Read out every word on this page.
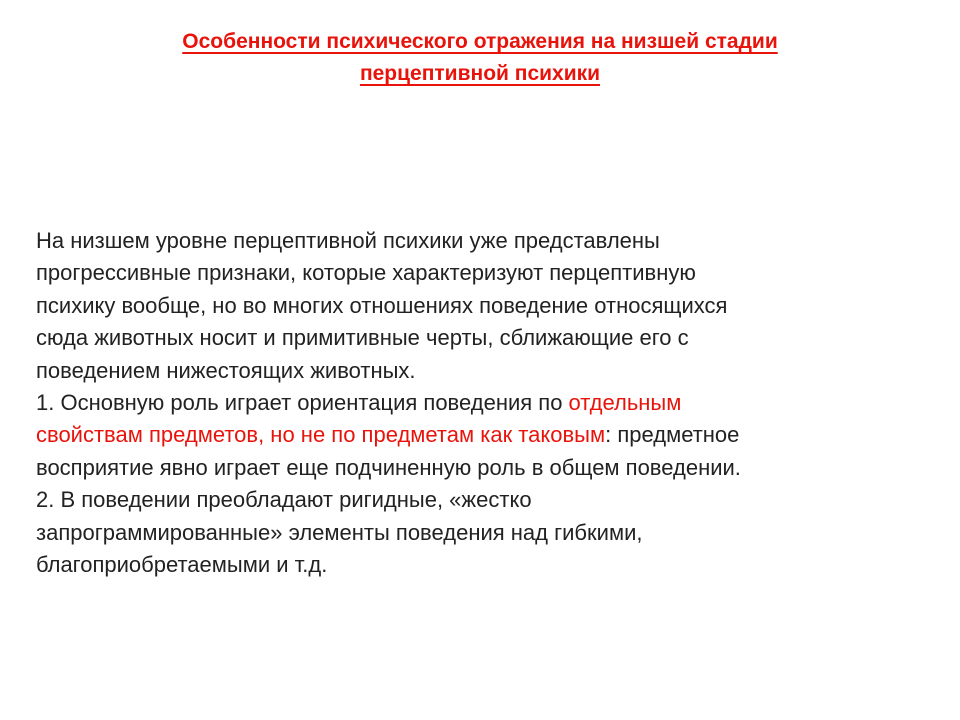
Особенности психического отражения на низшей стадии
перцептивной психики
На низшем уровне перцептивной психики уже представлены
прогрессивные признаки, которые характеризуют перцептивную
психику вообще, но во многих отношениях поведение относящихся
сюда животных носит и примитивные черты, сближающие его с
поведением нижестоящих животных.
1. Основную роль играет ориентация поведения по отдельным
свойствам предметов, но не по предметам как таковым: предметное
восприятие явно играет еще подчиненную роль в общем поведении.
2. В поведении преобладают ригидные, «жестко
запрограммированные» элементы поведения над гибкими,
благоприобретаемыми и т.д.
